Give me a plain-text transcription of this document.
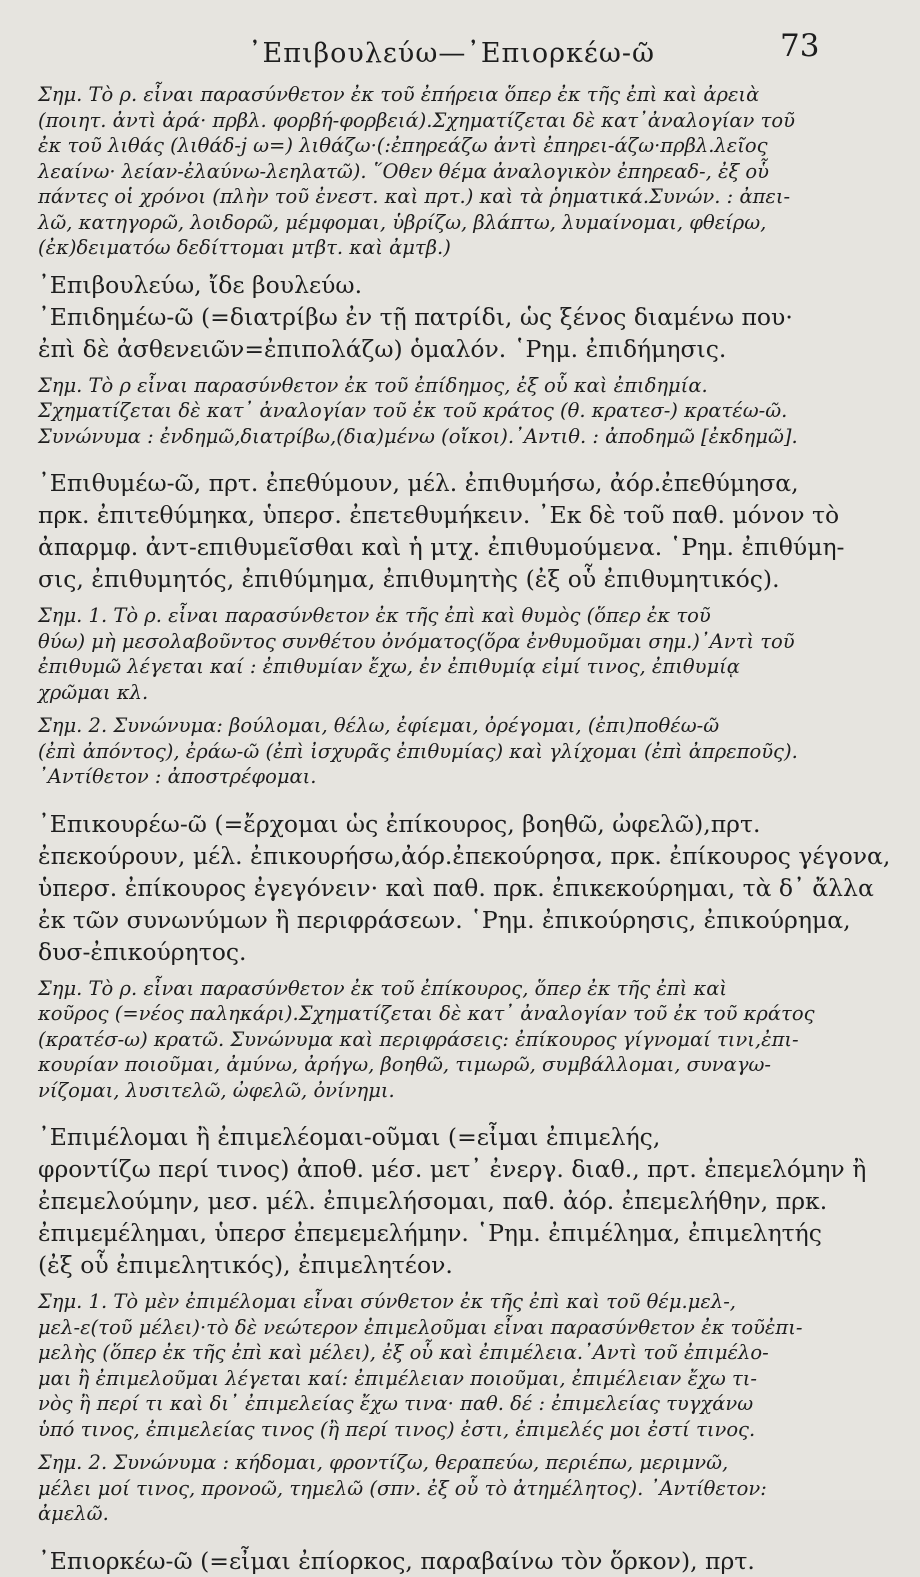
᾿Επιβουλεύω—᾿Επιορκέω-ῶ	73
Σημ. Τὸ ρ. εἶναι παρασύνθετον ἐκ τοῦ ἐπήρεια ὅπερ ἐκ τῆς ἐπὶ καὶ ἀρειὰ
(ποιητ. ἀντὶ ἀρά· πρβλ. φορβή-φορβειά).Σχηματίζεται δὲ κατ᾿ἀναλογίαν τοῦ
ἐκ τοῦ λιθάς (λιθάδ-j ω=) λιθάζω·(:ἐπηρεάζω ἀντὶ ἐπηρει-άζω·πρβλ.λεῖος
λεαίνω· λείαν-ἐλαύνω-λεηλατῶ). ῞Οθεν θέμα ἀναλογικὸν ἐπηρεαδ-, ἐξ οὗ
πάντες οἱ χρόνοι (πλὴν τοῦ ἐνεστ. καὶ πρτ.) καὶ τὰ ῥηματικά.Συνών. : ἀπει-
λῶ, κατηγορῶ, λοιδορῶ, μέμφομαι, ὑβρίζω, βλάπτω, λυμαίνομαι, φθείρω,
(ἐκ)δειματόω δεδίττομαι μτβτ. καὶ ἀμτβ.)
᾿Επιβουλεύω, ἴδε βουλεύω.
᾿Επιδημέω-ῶ (=διατρίβω ἐν τῇ πατρίδι, ὡς ξένος διαμένω που·
ἐπὶ δὲ ἀσθενειῶν=ἐπιπολάζω) ὁμαλόν. ῾Ρημ. ἐπιδήμησις.
Σημ. Τὸ ρ εἶναι παρασύνθετον ἐκ τοῦ ἐπίδημος, ἐξ οὗ καὶ ἐπιδημία.
Σχηματίζεται δὲ κατ᾿ ἀναλογίαν τοῦ ἐκ τοῦ κράτος (θ. κρατεσ-) κρατέω-ῶ.
Συνώνυμα : ἐνδημῶ,διατρίβω,(δια)μένω (οἴκοι).᾿Αντιθ. : ἀποδημῶ [ἐκδημῶ].
᾿Επιθυμέω-ῶ, πρτ. ἐπεθύμουν, μέλ. ἐπιθυμήσω, ἀόρ.ἐπεθύμησα,
πρκ. ἐπιτεθύμηκα, ὑπερσ. ἐπετεθυμήκειν. ᾿Εκ δὲ τοῦ παθ. μόνον τὸ
ἀπαρμφ. ἀντ-επιθυμεῖσθαι καὶ ἡ μτχ. ἐπιθυμούμενα. ῾Ρημ. ἐπιθύμη-
σις, ἐπιθυμητός, ἐπιθύμημα, ἐπιθυμητὴς (ἐξ οὗ ἐπιθυμητικός).
Σημ. 1. Τὸ ρ. εἶναι παρασύνθετον ἐκ τῆς ἐπὶ καὶ θυμὸς (ὅπερ ἐκ τοῦ
θύω) μὴ μεσολαβοῦντος συνθέτου ὀνόματος(ὅρα ἐνθυμοῦμαι σημ.)᾿Αντὶ τοῦ
ἐπιθυμῶ λέγεται καί : ἐπιθυμίαν ἔχω, ἐν ἐπιθυμίᾳ εἰμί τινος, ἐπιθυμίᾳ
χρῶμαι κλ.
Σημ. 2. Συνώνυμα: βούλομαι, θέλω, ἐφίεμαι, ὀρέγομαι, (ἐπι)ποθέω-ῶ
(ἐπὶ ἀπόντος), ἐράω-ῶ (ἐπὶ ἰσχυρᾶς ἐπιθυμίας) καὶ γλίχομαι (ἐπὶ ἀπρεποῦς).
᾿Αντίθετον : ἀποστρέφομαι.
᾿Επικουρέω-ῶ (=ἔρχομαι ὡς ἐπίκουρος, βοηθῶ, ὠφελῶ),πρτ.
ἐπεκούρουν, μέλ. ἐπικουρήσω,ἀόρ.ἐπεκούρησα, πρκ. ἐπίκουρος γέγονα,
ὑπερσ. ἐπίκουρος ἐγεγόνειν· καὶ παθ. πρκ. ἐπικεκούρημαι, τὰ δ᾿ ἄλλα
ἐκ τῶν συνωνύμων ἢ περιφράσεων. ῾Ρημ. ἐπικούρησις, ἐπικούρημα,
δυσ-ἐπικούρητος.
Σημ. Τὸ ρ. εἶναι παρασύνθετον ἐκ τοῦ ἐπίκουρος, ὅπερ ἐκ τῆς ἐπὶ καὶ
κοῦρος (=νέος παληκάρι).Σχηματίζεται δὲ κατ᾿ ἀναλογίαν τοῦ ἐκ τοῦ κράτος
(κρατέσ-ω) κρατῶ. Συνώνυμα καὶ περιφράσεις: ἐπίκουρος γίγνομαί τινι,ἐπι-
κουρίαν ποιοῦμαι, ἀμύνω, ἀρήγω, βοηθῶ, τιμωρῶ, συμβάλλομαι, συναγω-
νίζομαι, λυσιτελῶ, ὠφελῶ, ὀνίνημι.
᾿Επιμέλομαι ἢ ἐπιμελέομαι-οῦμαι (=εἶμαι ἐπιμελής,
φροντίζω περί τινος) ἀποθ. μέσ. μετ᾿ ἐνεργ. διαθ., πρτ. ἐπεμελόμην ἢ
ἐπεμελούμην, μεσ. μέλ. ἐπιμελήσομαι, παθ. ἀόρ. ἐπεμελήθην, πρκ.
ἐπιμεμέλημαι, ὑπερσ ἐπεμεμελήμην. ῾Ρημ. ἐπιμέλημα, ἐπιμελητής
(ἐξ οὗ ἐπιμελητικός), ἐπιμελητέον.
Σημ. 1. Τὸ μὲν ἐπιμέλομαι εἶναι σύνθετον ἐκ τῆς ἐπὶ καὶ τοῦ θέμ.μελ-,
μελ-ε(τοῦ μέλει)·τὸ δὲ νεώτερον ἐπιμελοῦμαι εἶναι παρασύνθετον ἐκ τοῦἐπι-
μελὴς (ὅπερ ἐκ τῆς ἐπὶ καὶ μέλει), ἐξ οὗ καὶ ἐπιμέλεια.᾿Αντὶ τοῦ ἐπιμέλο-
μαι ἢ ἐπιμελοῦμαι λέγεται καί: ἐπιμέλειαν ποιοῦμαι, ἐπιμέλειαν ἔχω τι-
νὸς ἢ περί τι καὶ δι᾿ ἐπιμελείας ἔχω τινα· παθ. δέ : ἐπιμελείας τυγχάνω
ὑπό τινος, ἐπιμελείας τινος (ἢ περί τινος) ἐστι, ἐπιμελές μοι ἐστί τινος.
Σημ. 2. Συνώνυμα : κήδομαι, φροντίζω, θεραπεύω, περιέπω, μεριμνῶ,
μέλει μοί τινος, προνοῶ, τημελῶ (σπν. ἐξ οὗ τὸ ἀτημέλητος). ᾿Αντίθετον:
ἀμελῶ.
᾿Επιορκέω-ῶ (=εἶμαι ἐπίορκος, παραβαίνω τὸν ὅρκον), πρτ.
